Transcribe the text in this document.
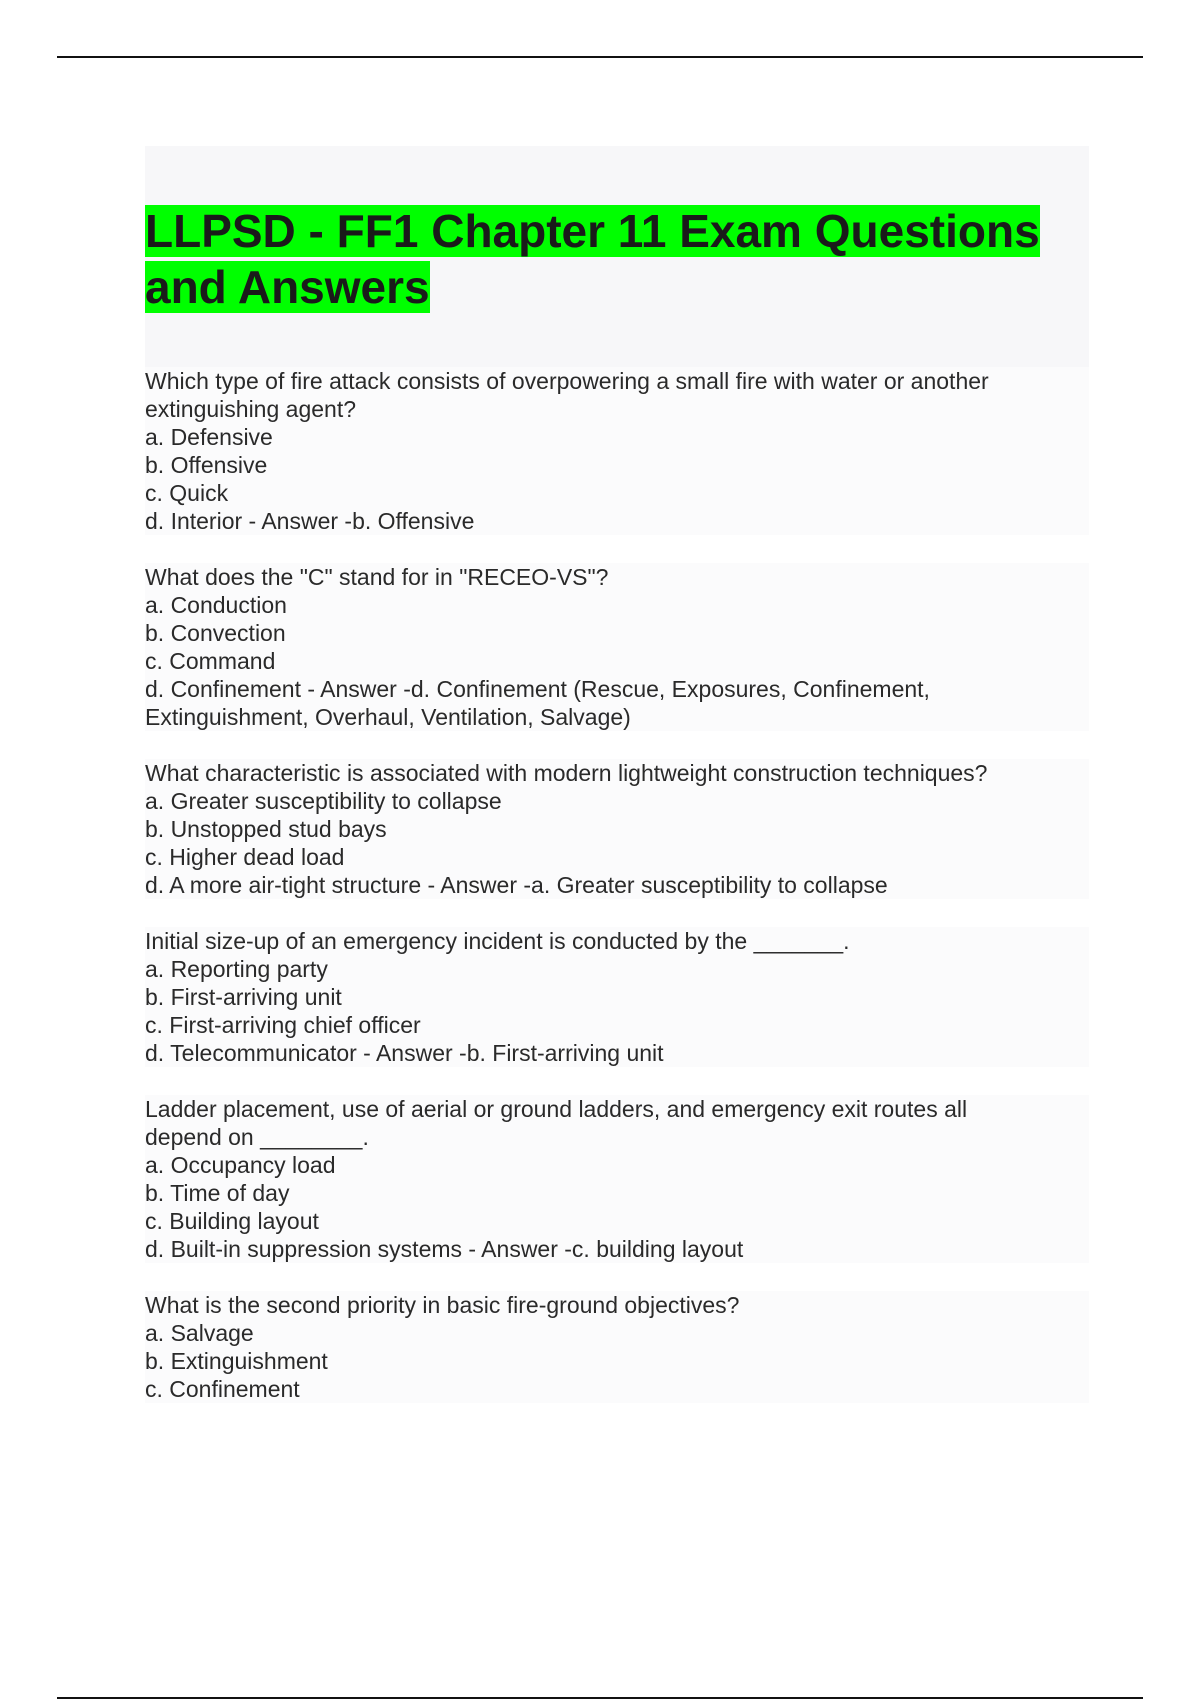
LLPSD - FF1 Chapter 11 Exam Questions and Answers
Which type of fire attack consists of overpowering a small fire with water or another
extinguishing agent?
a. Defensive
b. Offensive
c. Quick
d. Interior - Answer -b. Offensive
What does the "C" stand for in "RECEO-VS"?
a. Conduction
b. Convection
c. Command
d. Confinement - Answer -d. Confinement (Rescue, Exposures, Confinement,
Extinguishment, Overhaul, Ventilation, Salvage)
What characteristic is associated with modern lightweight construction techniques?
a. Greater susceptibility to collapse
b. Unstopped stud bays
c. Higher dead load
d. A more air-tight structure - Answer -a. Greater susceptibility to collapse
Initial size-up of an emergency incident is conducted by the _______.
a. Reporting party
b. First-arriving unit
c. First-arriving chief officer
d. Telecommunicator - Answer -b. First-arriving unit
Ladder placement, use of aerial or ground ladders, and emergency exit routes all
depend on ________.
a. Occupancy load
b. Time of day
c. Building layout
d. Built-in suppression systems - Answer -c. building layout
What is the second priority in basic fire-ground objectives?
a. Salvage
b. Extinguishment
c. Confinement
